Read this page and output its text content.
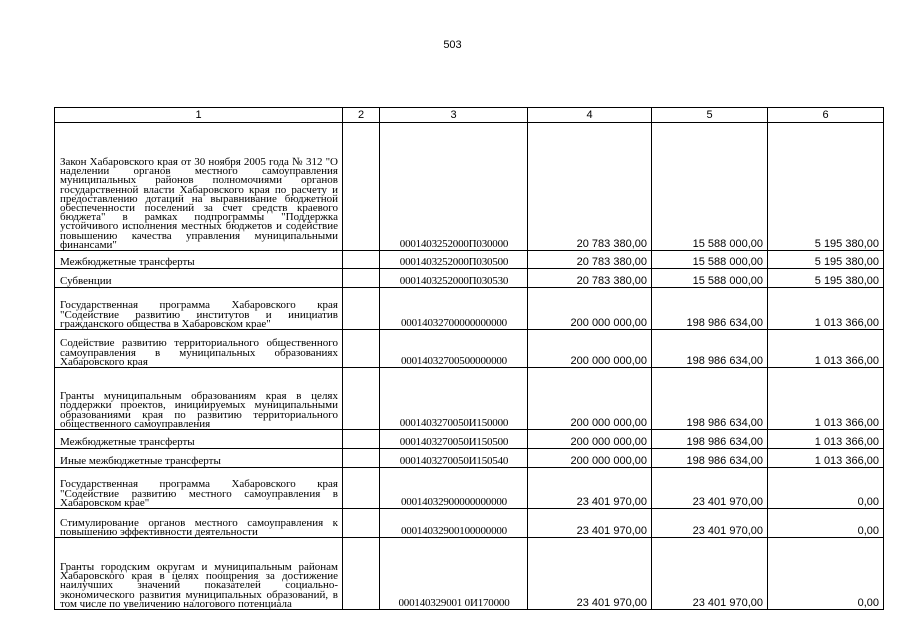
503
1	2	3	4	5	6
Закон Хабаровского края от 30 ноября 2005 года № 312 "О наделении органов местного самоуправления муниципальных районов полномочиями органов государственной власти Хабаровского края по расчету и предоставлению дотаций на выравнивание бюджетной обеспеченности поселений за счет средств краевого бюджета" в рамках подпрограммы "Поддержка устойчивого исполнения местных бюджетов и содействие повышению качества управления муниципальными финансами"		0001403252000П030000	20 783 380,00	15 588 000,00	5 195 380,00
Межбюджетные трансферты		0001403252000П030500	20 783 380,00	15 588 000,00	5 195 380,00
Субвенции		0001403252000П030530	20 783 380,00	15 588 000,00	5 195 380,00
Государственная программа Хабаровского края "Содействие развитию институтов и инициатив гражданского общества в Хабаровском крае"		00014032700000000000	200 000 000,00	198 986 634,00	1 013 366,00
Содействие развитию территориального общественного самоуправления в муниципальных образованиях Хабаровского края		00014032700500000000	200 000 000,00	198 986 634,00	1 013 366,00
Гранты муниципальным образованиям края в целях поддержки проектов, инициируемых муниципальными образованиями края по развитию территориального общественного самоуправления		0001403270050И150000	200 000 000,00	198 986 634,00	1 013 366,00
Межбюджетные трансферты		0001403270050И150500	200 000 000,00	198 986 634,00	1 013 366,00
Иные межбюджетные трансферты		0001403270050И150540	200 000 000,00	198 986 634,00	1 013 366,00
Государственная программа Хабаровского края "Содействие развитию местного самоуправления в Хабаровском крае"		00014032900000000000	23 401 970,00	23 401 970,00	0,00
Стимулирование органов местного самоуправления к повышению эффективности деятельности		00014032900100000000	23 401 970,00	23 401 970,00	0,00
Гранты городским округам и муниципальным районам Хабаровского края в целях поощрения за достижение наилучших значений показателей социально-экономического развития муниципальных образований, в том числе по увеличению налогового потенциала		000140329001 0И170000	23 401 970,00	23 401 970,00	0,00
